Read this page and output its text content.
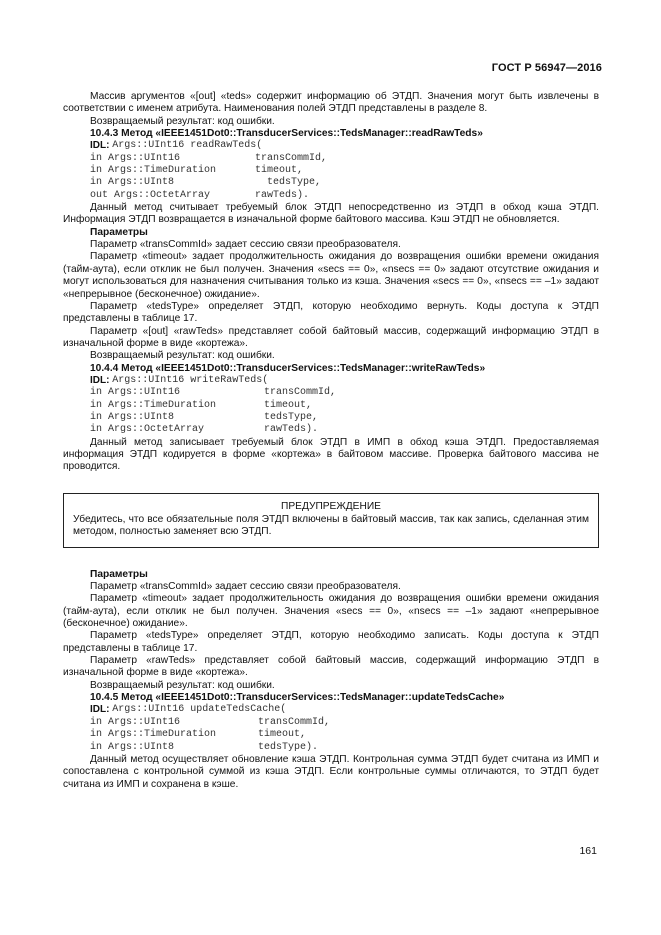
ГОСТ Р 56947—2016

Массив аргументов «[out] «teds» содержит информацию об ЭТДП. Значения могут быть извлечены в соответствии с именем атрибута. Наименования полей ЭТДП представлены в разделе 8.

Возвращаемый результат: код ошибки.

10.4.3 Метод «IEEE1451Dot0::TransducerServices::TedsManager::readRawTeds»

IDL: Args::UInt16 readRawTeds(
in Args::UInt16	transCommId,
in Args::TimeDuration	timeout,
in Args::UInt8	tedsType,
out Args::OctetArray	rawTeds).

Данный метод считывает требуемый блок ЭТДП непосредственно из ЭТДП в обход кэша ЭТДП. Информация ЭТДП возвращается в изначальной форме байтового массива. Кэш ЭТДП не обновляется.

Параметры

Параметр «transCommId» задает сессию связи преобразователя.

Параметр «timeout» задает продолжительность ожидания до возвращения ошибки времени ожидания (тайм-аута), если отклик не был получен. Значения «secs == 0», «nsecs == 0» задают отсутствие ожидания и могут использоваться для назначения считывания только из кэша. Значения «secs == 0», «nsecs == –1» задают «непрерывное (бесконечное) ожидание».

Параметр «tedsType» определяет ЭТДП, которую необходимо вернуть. Коды доступа к ЭТДП представлены в таблице 17.

Параметр «[out] «rawTeds» представляет собой байтовый массив, содержащий информацию ЭТДП в изначальной форме в виде «кортежа».

Возвращаемый результат: код ошибки.

10.4.4 Метод «IEEE1451Dot0::TransducerServices::TedsManager::writeRawTeds»

IDL: Args::UInt16 writeRawTeds(
in Args::UInt16	transCommId,
in Args::TimeDuration	timeout,
in Args::UInt8	tedsType,
in Args::OctetArray	rawTeds).

Данный метод записывает требуемый блок ЭТДП в ИМП в обход кэша ЭТДП. Предоставляемая информация ЭТДП кодируется в форме «кортежа» в байтовом массиве. Проверка байтового массива не проводится.

ПРЕДУПРЕЖДЕНИЕ

Убедитесь, что все обязательные поля ЭТДП включены в байтовый массив, так как запись, сделанная этим методом, полностью заменяет всю ЭТДП.

Параметры

Параметр «transCommId» задает сессию связи преобразователя.

Параметр «timeout» задает продолжительность ожидания до возвращения ошибки времени ожидания (тайм-аута), если отклик не был получен. Значения «secs == 0», «nsecs == –1» задают «непрерывное (бесконечное) ожидание».

Параметр «tedsType» определяет ЭТДП, которую необходимо записать. Коды доступа к ЭТДП представлены в таблице 17.

Параметр «rawTeds» представляет собой байтовый массив, содержащий информацию ЭТДП в изначальной форме в виде «кортежа».

Возвращаемый результат: код ошибки.

10.4.5 Метод «IEEE1451Dot0::TransducerServices::TedsManager::updateTedsCache»

IDL: Args::UInt16 updateTedsCache(
in Args::UInt16	transCommId,
in Args::TimeDuration	timeout,
in Args::UInt8	tedsType).

Данный метод осуществляет обновление кэша ЭТДП. Контрольная сумма ЭТДП будет считана из ИМП и сопоставлена с контрольной суммой из кэша ЭТДП. Если контрольные суммы отличаются, то ЭТДП будет считана из ИМП и сохранена в кэше.

161
